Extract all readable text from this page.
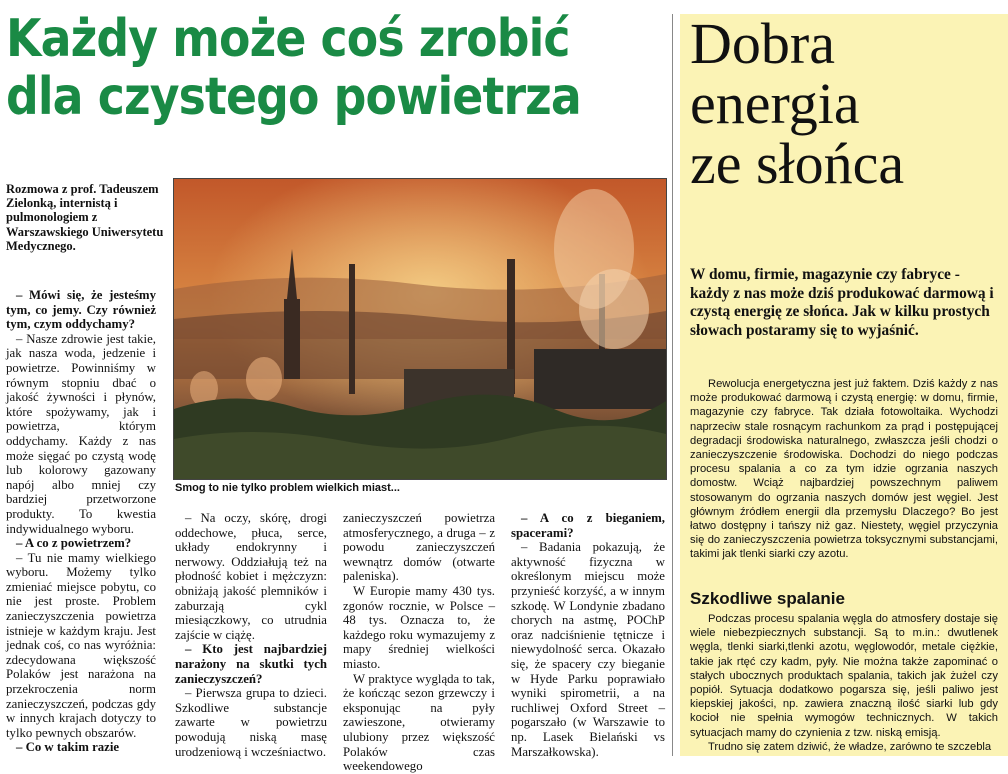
Każdy może coś zrobić
dla czystego powietrza
Rozmowa z prof. Tadeuszem Zielonką, internistą i pulmonologiem z Warszawskiego Uniwersytetu Medycznego.

– Mówi się, że jesteśmy tym, co jemy. Czy również tym, czym oddychamy?

– Nasze zdrowie jest takie, jak nasza woda, jedzenie i powietrze. Powinniśmy w równym stopniu dbać o jakość żywności i płynów, które spożywamy, jak i powietrza, którym oddychamy. Każdy z nas może sięgać po czystą wodę lub kolorowy gazowany napój albo mniej czy bardziej przetworzone produkty. To kwestia indywidualnego wyboru.

– A co z powietrzem?

– Tu nie mamy wielkiego wyboru. Możemy tylko zmieniać miejsce pobytu, co nie jest proste. Problem zanieczyszczenia powietrza istnieje w każdym kraju. Jest jednak coś, co nas wyróżnia: zdecydowana większość Polaków jest narażona na przekroczenia norm zanieczyszczeń, podczas gdy w innych krajach dotyczy to tylko pewnych obszarów.

– Co w takim razie

Smog to nie tylko problem wielkich miast...

– Na oczy, skórę, drogi oddechowe, płuca, serce, układy endokrynny i nerwowy. Oddziałują też na płodność kobiet i mężczyzn: obniżają jakość plemników i zaburzają cykl miesiączkowy, co utrudnia zajście w ciążę.

– Kto jest najbardziej narażony na skutki tych zanieczyszczeń?

– Pierwsza grupa to dzieci. Szkodliwe substancje zawarte w powietrzu powodują niską masę urodzeniową i wcześniactwo.

zanieczyszczeń powietrza atmosferycznego, a druga – z powodu zanieczyszczeń wewnątrz domów (otwarte paleniska).

W Europie mamy 430 tys. zgonów rocznie, w Polsce – 48 tys. Oznacza to, że każdego roku wymazujemy z mapy średniej wielkości miasto.

W praktyce wygląda to tak, że kończąc sezon grzewczy i eksponując na pyły zawieszone, otwieramy ulubiony przez większość Polaków czas weekendowego

– A co z bieganiem, spacerami?

– Badania pokazują, że aktywność fizyczna w określonym miejscu może przynieść korzyść, a w innym szkodę. W Londynie zbadano chorych na astmę, POChP oraz nadciśnienie tętnicze i niewydolność serca. Okazało się, że spacery czy bieganie w Hyde Parku poprawiało wyniki spirometrii, a na ruchliwej Oxford Street – pogarszało (w Warszawie to np. Lasek Bielański vs Marszałkowska).

Dobra
energia
ze słońca
W domu, firmie, magazynie czy fabryce - każdy z nas może dziś produkować darmową i czystą energię ze słońca. Jak w kilku prostych słowach postaramy się to wyjaśnić.

Rewolucja energetyczna jest już faktem. Dziś każdy z nas może produkować darmową i czystą energię: w domu, firmie, magazynie czy fabryce. Tak działa fotowoltaika. Wychodzi naprzeciw stale rosnącym rachunkom za prąd i postępującej degradacji środowiska naturalnego, zwłaszcza jeśli chodzi o zanieczyszczenie środowiska. Dochodzi do niego podczas procesu spalania a co za tym idzie ogrzania naszych domostw. Wciąż najbardziej powszechnym paliwem stosowanym do ogrzania naszych domów jest węgiel. Jest głównym źródłem energii dla przemysłu Dlaczego? Bo jest łatwo dostępny i tańszy niż gaz. Niestety, węgiel przyczynia się do zanieczyszczenia powietrza toksycznymi substancjami, takimi jak tlenki siarki czy azotu.

Szkodliwe spalanie

Podczas procesu spalania węgla do atmosfery dostaje się wiele niebezpiecznych substancji. Są to m.in.: dwutlenek węgla, tlenki siarki,tlenki azotu, węglowodór, metale ciężkie, takie jak rtęć czy kadm, pyły. Nie można także zapominać o stałych ubocznych produktach spalania, takich jak żużel czy popiół. Sytuacja dodatkowo pogarsza się, jeśli paliwo jest kiepskiej jakości, np. zawiera znaczną ilość siarki lub gdy kocioł nie spełnia wymogów technicznych. W takich sytuacjach mamy do czynienia z tzw. niską emisją.

Trudno się zatem dziwić, że władze, zarówno te szczebla
